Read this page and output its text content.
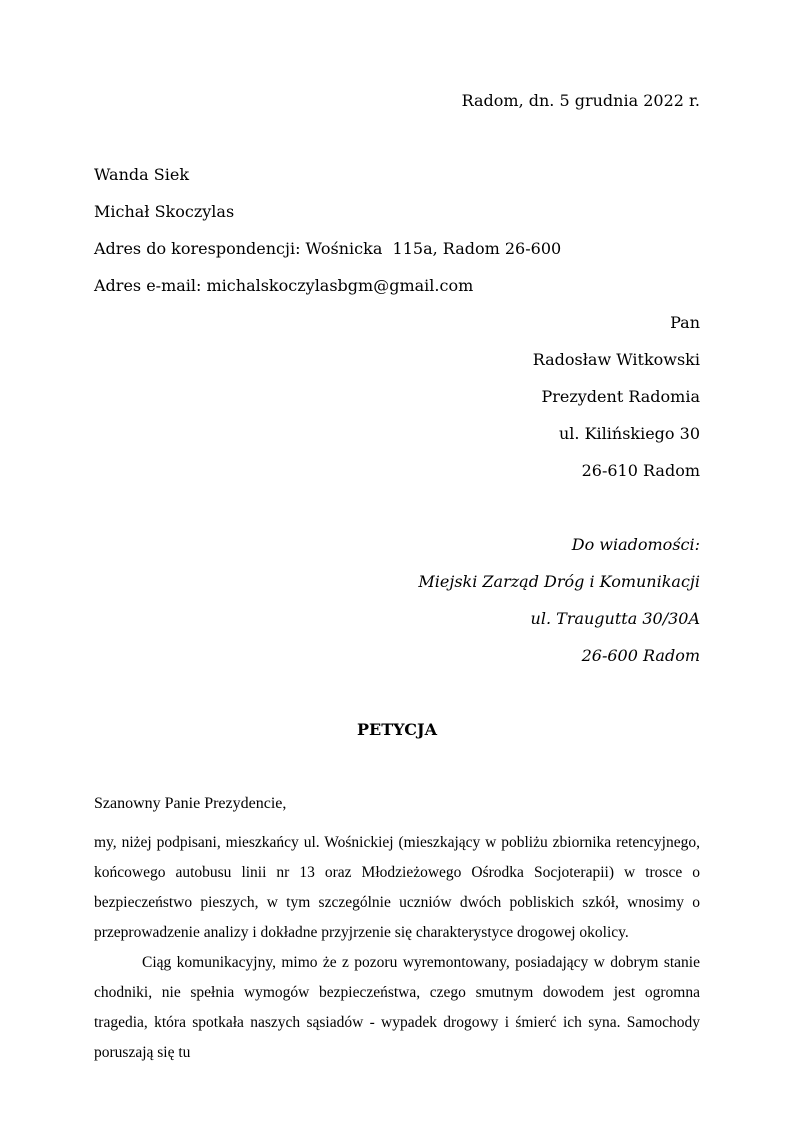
Radom, dn. 5 grudnia 2022 r.
Wanda Siek
Michał Skoczylas
Adres do korespondencji: Wośnicka  115a, Radom 26-600
Adres e-mail: michalskoczylasbgm@gmail.com
Pan
Radosław Witkowski
Prezydent Radomia
ul. Kilińskiego 30
26-610 Radom
Do wiadomości:
Miejski Zarząd Dróg i Komunikacji
ul. Traugutta 30/30A
26-600 Radom
PETYCJA
Szanowny Panie Prezydencie,

my, niżej podpisani, mieszkańcy ul. Wośnickiej (mieszkający w pobliżu zbiornika retencyjnego, końcowego autobusu linii nr 13 oraz Młodzieżowego Ośrodka Socjoterapii) w trosce o bezpieczeństwo pieszych, w tym szczególnie uczniów dwóch pobliskich szkół, wnosimy o przeprowadzenie analizy i dokładne przyjrzenie się charakterystyce drogowej okolicy.

Ciąg komunikacyjny, mimo że z pozoru wyremontowany, posiadający w dobrym stanie chodniki, nie spełnia wymogów bezpieczeństwa, czego smutnym dowodem jest ogromna tragedia, która spotkała naszych sąsiadów - wypadek drogowy i śmierć ich syna. Samochody poruszają się tu
